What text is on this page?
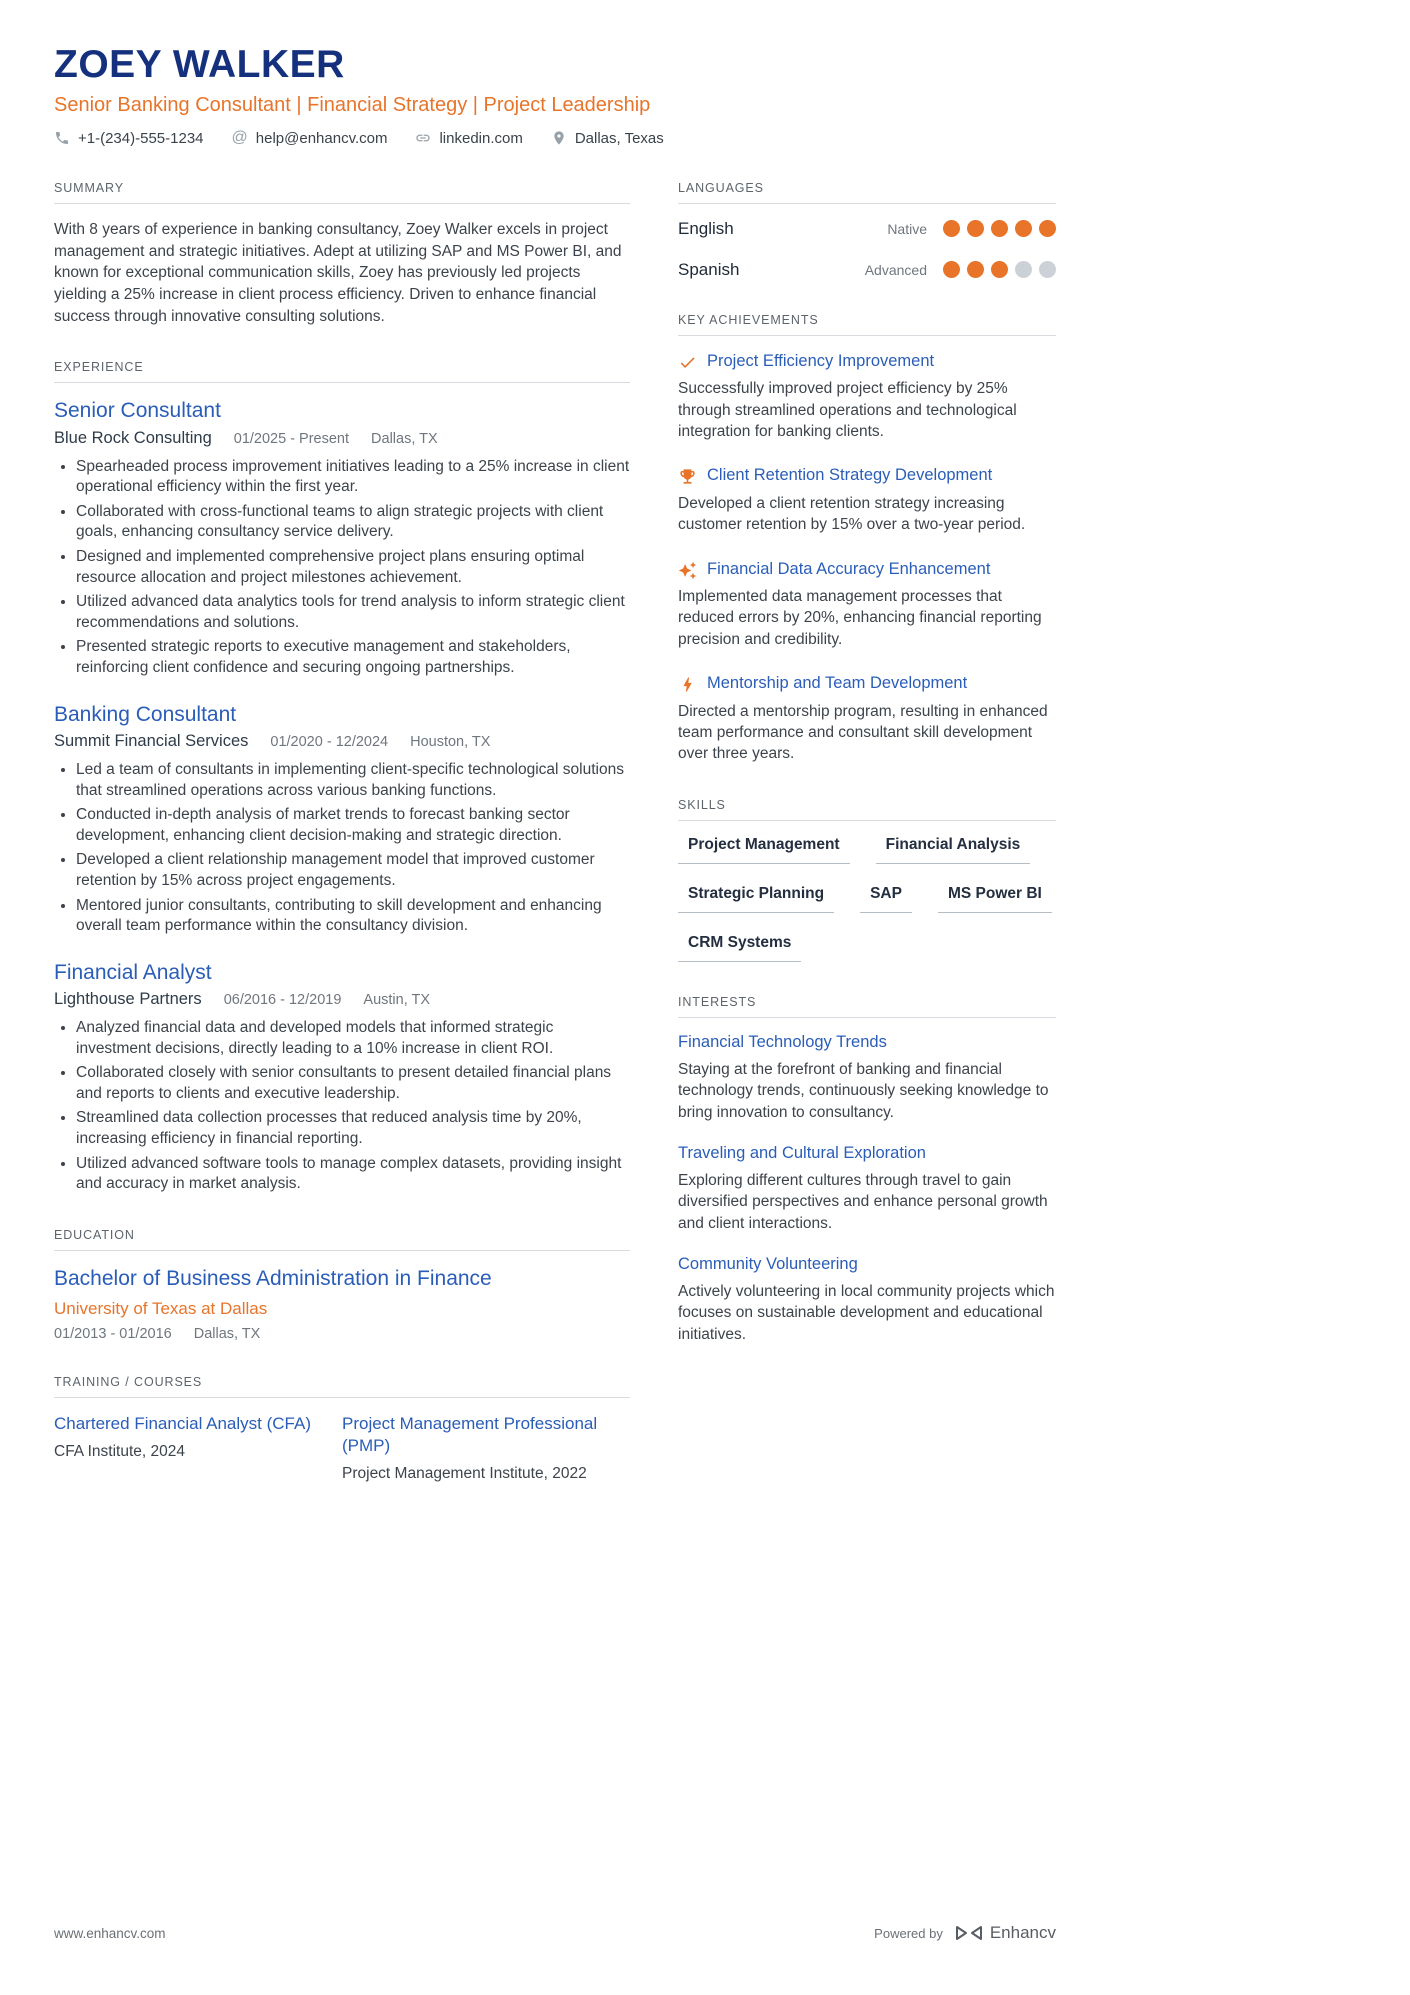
ZOEY WALKER
Senior Banking Consultant | Financial Strategy | Project Leadership
+1-(234)-555-1234 @ help@enhancv.com	linkedin.com	Dallas, Texas
SUMMARY

With 8 years of experience in banking consultancy, Zoey Walker excels in project management and strategic initiatives. Adept at utilizing SAP and MS Power BI, and known for exceptional communication skills, Zoey has previously led projects yielding a 25% increase in client process efficiency. Driven to enhance financial success through innovative consulting solutions.

EXPERIENCE
Senior Consultant
Blue Rock Consulting 01/2025 - Present Dallas, TX
Spearheaded process improvement initiatives leading to a 25% increase in client operational efficiency within the first year.
Collaborated with cross-functional teams to align strategic projects with client goals, enhancing consultancy service delivery.
Designed and implemented comprehensive project plans ensuring optimal resource allocation and project milestones achievement.
Utilized advanced data analytics tools for trend analysis to inform strategic client recommendations and solutions.
Presented strategic reports to executive management and stakeholders, reinforcing client confidence and securing ongoing partnerships.
Banking Consultant
Summit Financial Services 01/2020 - 12/2024 Houston, TX
Led a team of consultants in implementing client-specific technological solutions that streamlined operations across various banking functions.
Conducted in-depth analysis of market trends to forecast banking sector development, enhancing client decision-making and strategic direction.
Developed a client relationship management model that improved customer retention by 15% across project engagements.
Mentored junior consultants, contributing to skill development and enhancing overall team performance within the consultancy division.
Financial Analyst
Lighthouse Partners 06/2016 - 12/2019 Austin, TX
Analyzed financial data and developed models that informed strategic investment decisions, directly leading to a 10% increase in client ROI.
Collaborated closely with senior consultants to present detailed financial plans and reports to clients and executive leadership.
Streamlined data collection processes that reduced analysis time by 20%, increasing efficiency in financial reporting.
Utilized advanced software tools to manage complex datasets, providing insight and accuracy in market analysis.
EDUCATION
Bachelor of Business Administration in Finance
University of Texas at Dallas
01/2013 - 01/2016 Dallas, TX
TRAINING / COURSES
Chartered Financial Analyst (CFA)
CFA Institute, 2024
Project Management Professional (PMP)
Project Management Institute, 2022
LANGUAGES
English	Native
Spanish	Advanced
KEY ACHIEVEMENTS
Project Efficiency Improvement

Successfully improved project efficiency by 25% through streamlined operations and technological integration for banking clients.

Client Retention Strategy Development

Developed a client retention strategy increasing customer retention by 15% over a two-year period.

Financial Data Accuracy Enhancement

Implemented data management processes that reduced errors by 20%, enhancing financial reporting precision and credibility.

Mentorship and Team Development

Directed a mentorship program, resulting in enhanced team performance and consultant skill development over three years.

SKILLS
Project Management	Financial Analysis
Strategic Planning	SAP	MS Power BI
CRM Systems
INTERESTS
Financial Technology Trends

Staying at the forefront of banking and financial technology trends, continuously seeking knowledge to bring innovation to consultancy.

Traveling and Cultural Exploration

Exploring different cultures through travel to gain diversified perspectives and enhance personal growth and client interactions.

Community Volunteering

Actively volunteering in local community projects which focuses on sustainable development and educational initiatives.

www.enhancv.com	Powered by	Enhancv
